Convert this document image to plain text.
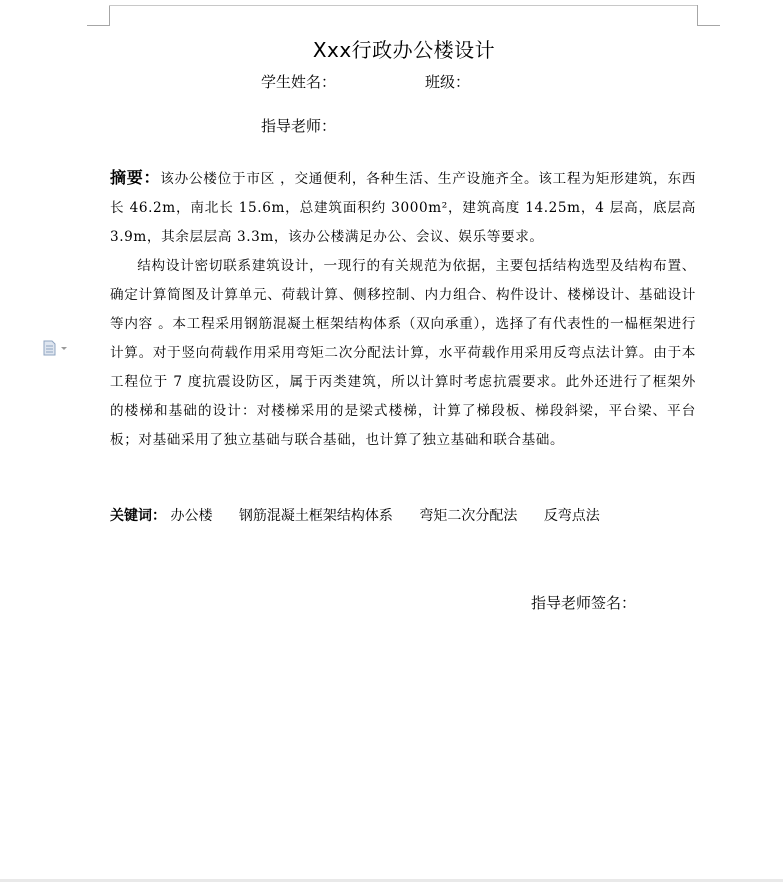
Xxx行政办公楼设计
学生姓名：	班级：
指导老师：

摘要：该办公楼位于市区 ，交通便利，各种生活、生产设施齐全。该工程为矩形建筑，东西长 46.2m，南北长 15.6m，总建筑面积约 3000m²，建筑高度 14.25m，4 层高，底层高 3.9m，其余层层高 3.3m，该办公楼满足办公、会议、娱乐等要求。

结构设计密切联系建筑设计，一现行的有关规范为依据，主要包括结构选型及结构布置、确定计算简图及计算单元、荷载计算、侧移控制、内力组合、构件设计、楼梯设计、基础设计等内容 。本工程采用钢筋混凝土框架结构体系（双向承重），选择了有代表性的一榀框架进行计算。对于竖向荷载作用采用弯矩二次分配法计算，水平荷载作用采用反弯点法计算。由于本工程位于 7 度抗震设防区，属于丙类建筑，所以计算时考虑抗震要求。此外还进行了框架外的楼梯和基础的设计：对楼梯采用的是梁式楼梯，计算了梯段板、梯段斜梁，平台梁、平台板；对基础采用了独立基础与联合基础，也计算了独立基础和联合基础。

关键词： 办公楼 钢筋混凝土框架结构体系 弯矩二次分配法 反弯点法
指导老师签名：
